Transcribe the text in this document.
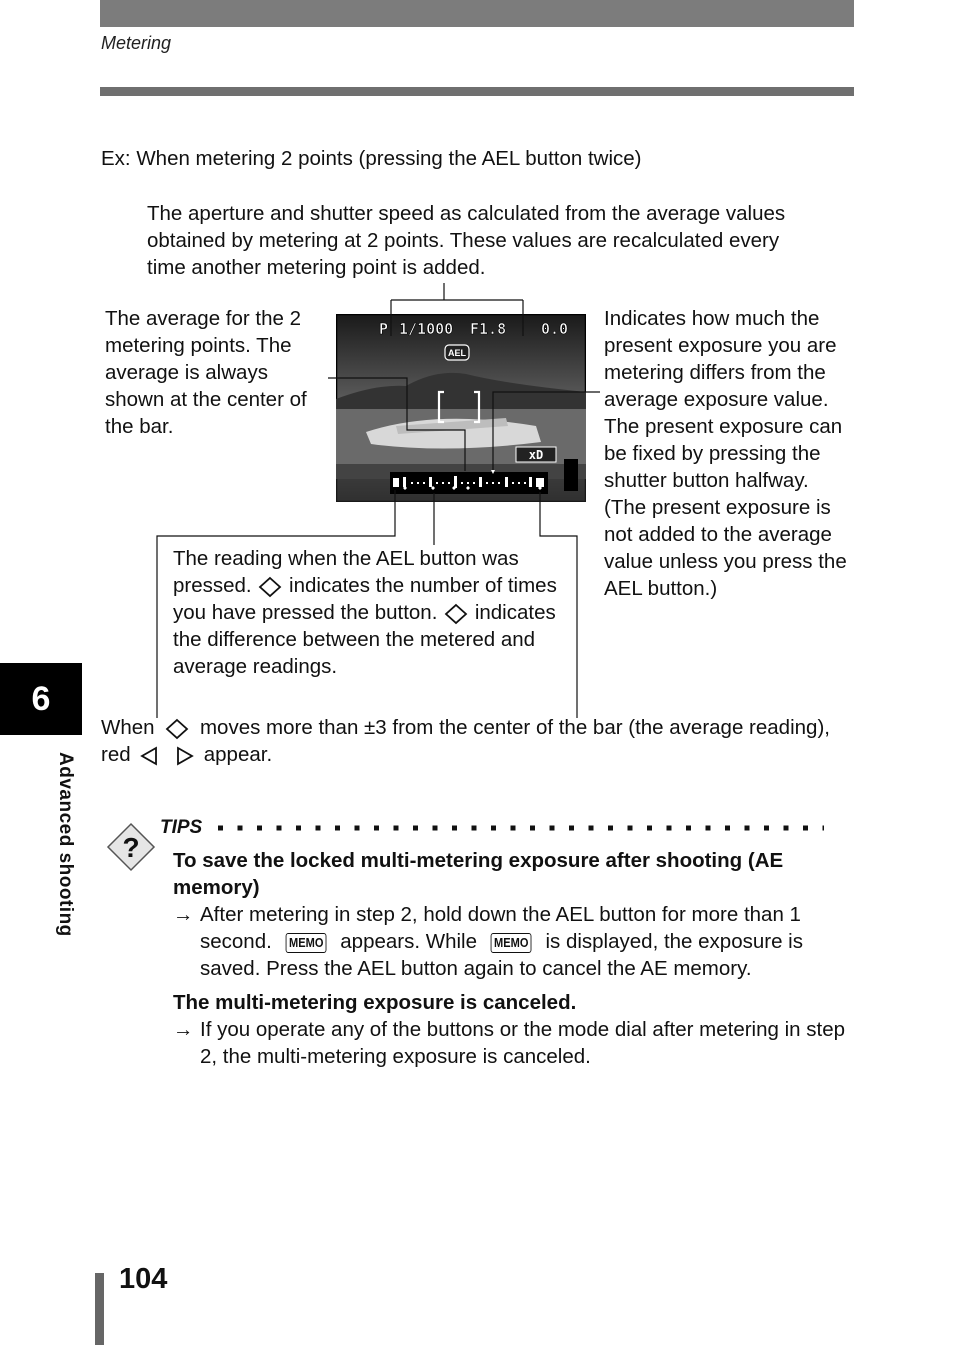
Metering
Ex: When metering 2 points (pressing the AEL button twice)
The aperture and shutter speed as calculated from the average values obtained by metering at 2 points. These values are recalculated every time another metering point is added.
The average for the 2 metering points. The average is always shown at the center of the bar.
Indicates how much the present exposure you are metering differs from the average exposure value. The present exposure can be fixed by pressing the shutter button halfway. (The present exposure is not added to the average value unless you press the AEL button.)
P 1/1000 F1.8 0.0
AEL
xD
The reading when the AEL button was pressed. indicates the number of times you have pressed the button. indicates the difference between the metered and average readings.
When moves more than ±3 from the center of the bar (the average reading), red	appear.
6
Advanced shooting ?
TIPS
To save the locked multi-metering exposure after shooting (AE memory)
→ After metering in step 2, hold down the AEL button for more than 1 second. MEMO appears. While MEMO is displayed, the exposure is saved. Press the AEL button again to cancel the AE memory.
The multi-metering exposure is canceled.
→ If you operate any of the buttons or the mode dial after metering in step 2, the multi-metering exposure is canceled.
104
